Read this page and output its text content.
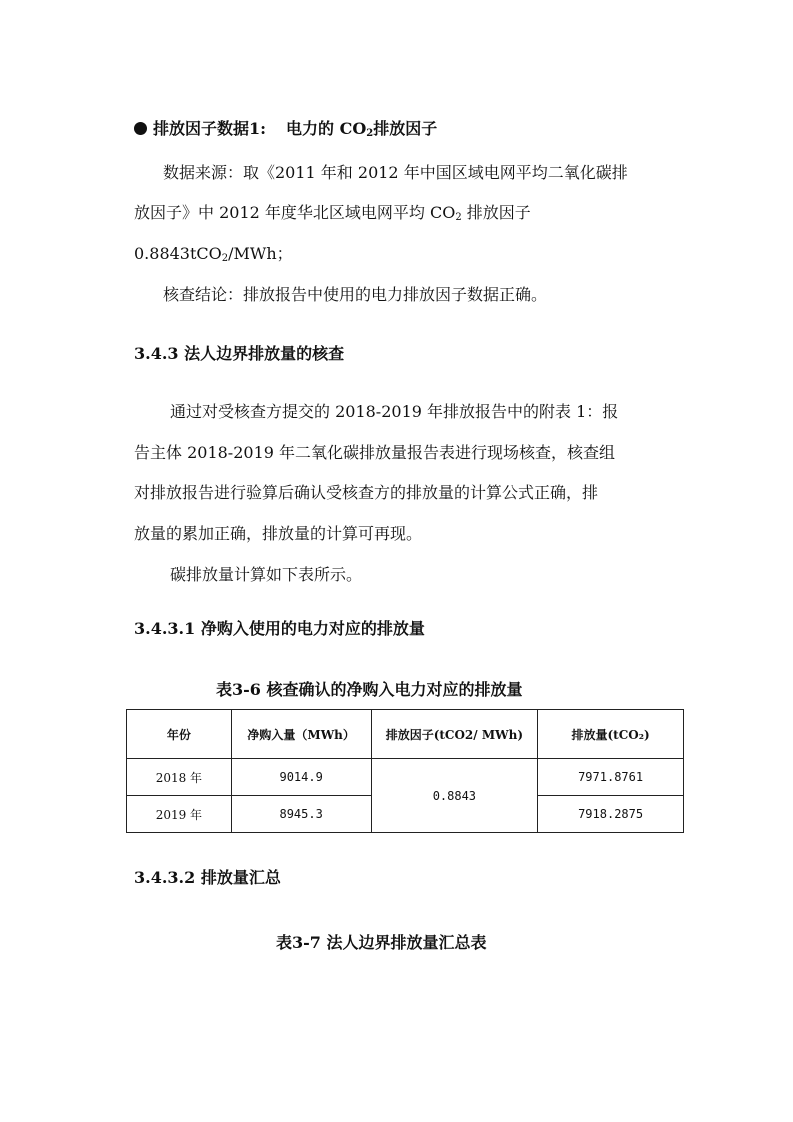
排放因子数据1: 电力的 $CO_2$排放因子
数据来源：取《2011 年和 2012 年中国区域电网平均二氧化碳排
放因子》中 2012 年度华北区域电网平均 $CO_2$ 排放因子
0.8843tCO$_2$/MWh；
核查结论：排放报告中使用的电力排放因子数据正确。
3.4.3 法人边界排放量的核查
通过对受核查方提交的 2018-2019 年排放报告中的附表 1：报
告主体 2018-2019 年二氧化碳排放量报告表进行现场核查，核查组
对排放报告进行验算后确认受核查方的排放量的计算公式正确，排
放量的累加正确，排放量的计算可再现。
碳排放量计算如下表所示。
3.4.3.1 净购入使用的电力对应的排放量
表3-6 核查确认的净购入电力对应的排放量
年份	净购入量（MWh）	排放因子(tCO2/ MWh)	排放量(tCO₂)
2018 年	9014.9	0.8843	7971.8761
2019 年	8945.3		7918.2875
3.4.3.2 排放量汇总
表3-7 法人边界排放量汇总表
